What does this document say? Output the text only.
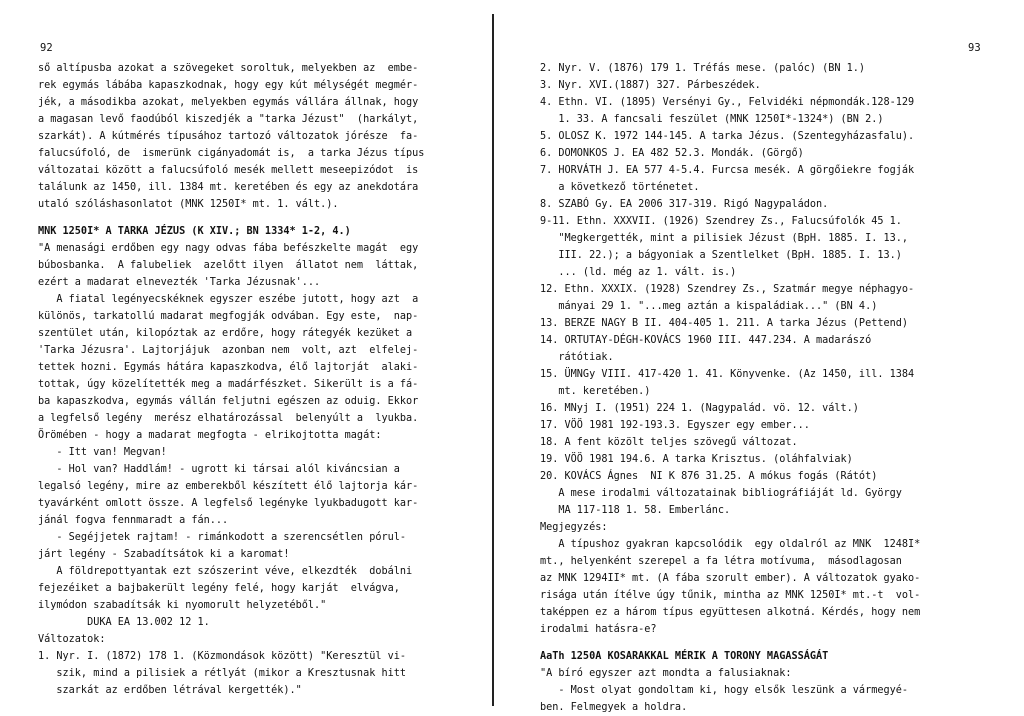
92
ső altípusba azokat a szövegeket soroltuk, melyekben az  embe-
rek egymás lábába kapaszkodnak, hogy egy kút mélységét megmér-
jék, a másodikba azokat, melyekben egymás vállára állnak, hogy
a magasan levő faodúból kiszedjék a "tarka Jézust"  (harkályt,
szarkát). A kútmérés típusához tartozó változatok jórésze  fa-
falucsúfoló, de  ismerünk cigányadomát is,  a tarka Jézus típus
változatai között a falucsúfoló mesék mellett meseepizódot  is
találunk az 1450, ill. 1384 mt. keretében és egy az anekdotára
utaló szóláshasonlatot (MNK 1250I* mt. 1. vált.).
MNK 1250I* A TARKA JÉZUS (K XIV.; BN 1334* 1-2, 4.)
"A menasági erdőben egy nagy odvas fába befészkelte magát  egy
búbosbanka.  A falubeliek  azelőtt ilyen  állatot nem  láttak,
ezért a madarat elnevezték 'Tarka Jézusnak'...
A fiatal legényecskéknek egyszer eszébe jutott, hogy azt  a
különös, tarkatollú madarat megfogják odvában. Egy este,  nap-
szentület után, kilopóztak az erdőre, hogy rátegyék kezüket a
'Tarka Jézusra'. Lajtorjájuk  azonban nem  volt, azt  elfelej-
tettek hozni. Egymás hátára kapaszkodva, élő lajtorját  alaki-
tottak, úgy közelítették meg a madárfészket. Sikerült is a fá-
ba kapaszkodva, egymás vállán feljutni egészen az oduig. Ekkor
a legfelső legény  merész elhatározással  belenyúlt a  lyukba.
Örömében - hogy a madarat megfogta - elrikojtotta magát:
- Itt van! Megvan!
- Hol van? Haddlám! - ugrott ki társai alól kiváncsian a
legalsó legény, mire az emberekből készített élő lajtorja kár-
tyavárként omlott össze. A legfelső legényke lyukbadugott kar-
jánál fogva fennmaradt a fán...
- Segéjjetek rajtam! - rimánkodott a szerencsétlen pórul-
járt legény - Szabadítsátok ki a karomat!
A földrepottyantak ezt szószerint véve, elkezdték  dobálni
fejezéiket a bajbakerült legény felé, hogy karját  elvágva,
ilymódon szabadítsák ki nyomorult helyzetéből."
DUKA EA 13.002 12 1.
Változatok:
1. Nyr. I. (1872) 178 1. (Közmondások között) "Keresztül vi-
szik, mind a pilisiek a rétlyát (mikor a Kresztusnak hitt
szarkát az erdőben létrával kergették)."
93
2. Nyr. V. (1876) 179 1. Tréfás mese. (palóc) (BN 1.)
3. Nyr. XVI.(1887) 327. Párbeszédek.
4. Ethn. VI. (1895) Versényi Gy., Felvidéki népmondák.128-129
1. 33. A fancsali feszület (MNK 1250I*-1324*) (BN 2.)
5. OLOSZ K. 1972 144-145. A tarka Jézus. (Szentegyházasfalu).
6. DOMONKOS J. EA 482 52.3. Mondák. (Görgő)
7. HORVÁTH J. EA 577 4-5.4. Furcsa mesék. A görgőiekre fogják
a következő történetet.
8. SZABÓ Gy. EA 2006 317-319. Rigó Nagypaládon.
9-11. Ethn. XXXVII. (1926) Szendrey Zs., Falucsúfolók 45 1.
"Megkergették, mint a pilisiek Jézust (BpH. 1885. I. 13.,
III. 22.); a bágyoniak a Szentlelket (BpH. 1885. I. 13.)
... (ld. még az 1. vált. is.)
12. Ethn. XXXIX. (1928) Szendrey Zs., Szatmár megye néphagyo-
mányai 29 1. "...meg aztán a kispaládiak..." (BN 4.)
13. BERZE NAGY B II. 404-405 1. 211. A tarka Jézus (Pettend)
14. ORTUTAY-DÉGH-KOVÁCS 1960 III. 447.234. A madarászó
rátótiak.
15. ÜMNGy VIII. 417-420 1. 41. Könyvenke. (Az 1450, ill. 1384
mt. keretében.)
16. MNyj I. (1951) 224 1. (Nagypalád. vö. 12. vált.)
17. VÖÖ 1981 192-193.3. Egyszer egy ember...
18. A fent közölt teljes szövegű változat.
19. VÖÖ 1981 194.6. A tarka Krisztus. (oláhfalviak)
20. KOVÁCS Ágnes  NI K 876 31.25. A mókus fogás (Rátót)
A mese irodalmi változatainak bibliográfiáját ld. György
MA 117-118 1. 58. Emberlánc.
Megjegyzés:
A típushoz gyakran kapcsolódik  egy oldalról az MNK  1248I*
mt., helyenként szerepel a fa létra motívuma,  másodlagosan
az MNK 1294II* mt. (A fába szorult ember). A változatok gyako-
risága után ítélve úgy tűnik, mintha az MNK 1250I* mt.-t  vol-
taképpen ez a három típus együttesen alkotná. Kérdés, hogy nem
irodalmi hatásra-e?
AaTh 1250A KOSARAKKAL MÉRIK A TORONY MAGASSÁGÁT
"A bíró egyszer azt mondta a falusiaknak:
- Most olyat gondoltam ki, hogy elsők leszünk a vármegyé-
ben. Felmegyek a holdra.
